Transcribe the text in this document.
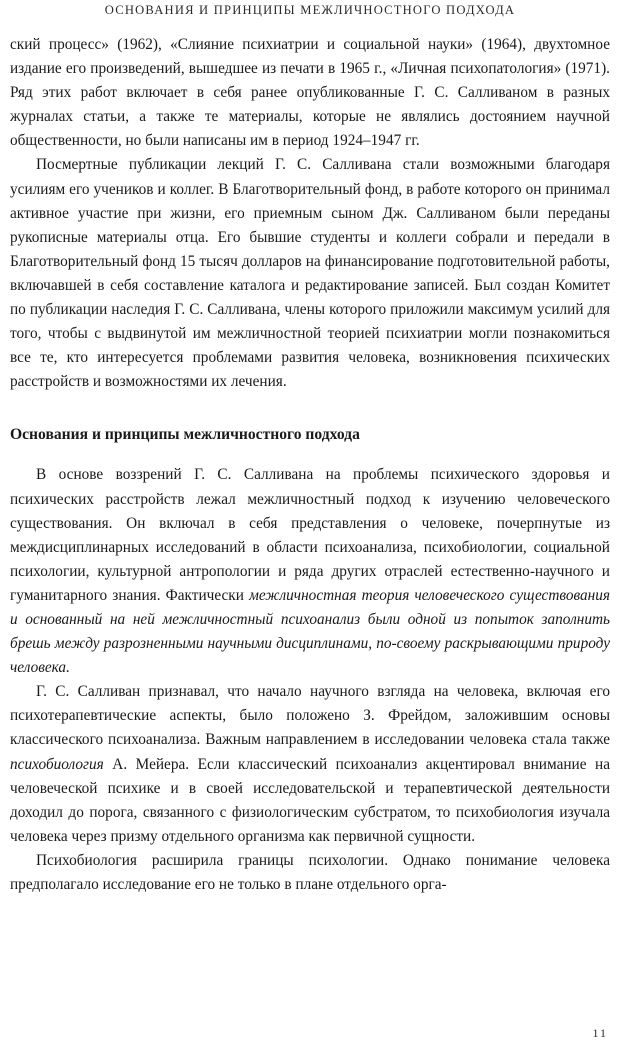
ОСНОВАНИЯ И ПРИНЦИПЫ МЕЖЛИЧНОСТНОГО ПОДХОДА

ский процесс» (1962), «Слияние психиатрии и социальной науки» (1964), двухтомное издание его произведений, вышедшее из печати в 1965 г., «Личная психопатология» (1971). Ряд этих работ включает в себя ранее опубликованные Г. С. Салливаном в разных журналах статьи, а также те материалы, которые не являлись достоянием научной общественности, но были написаны им в период 1924–1947 гг.

Посмертные публикации лекций Г. С. Салливана стали возможными благодаря усилиям его учеников и коллег. В Благотворительный фонд, в работе которого он принимал активное участие при жизни, его приемным сыном Дж. Салливаном были переданы рукописные материалы отца. Его бывшие студенты и коллеги собрали и передали в Благотворительный фонд 15 тысяч долларов на финансирование подготовительной работы, включавшей в себя составление каталога и редактирование записей. Был создан Комитет по публикации наследия Г. С. Салливана, члены которого приложили максимум усилий для того, чтобы с выдвинутой им межличностной теорией психиатрии могли познакомиться все те, кто интересуется проблемами развития человека, возникновения психических расстройств и возможностями их лечения.

Основания и принципы межличностного подхода

В основе воззрений Г. С. Салливана на проблемы психического здоровья и психических расстройств лежал межличностный подход к изучению человеческого существования. Он включал в себя представления о человеке, почерпнутые из междисциплинарных исследований в области психоанализа, психобиологии, социальной психологии, культурной антропологии и ряда других отраслей естественно-научного и гуманитарного знания. Фактически межличностная теория человеческого существования и основанный на ней межличностный психоанализ были одной из попыток заполнить брешь между разрозненными научными дисциплинами, по-своему раскрывающими природу человека.

Г. С. Салливан признавал, что начало научного взгляда на человека, включая его психотерапевтические аспекты, было положено З. Фрейдом, заложившим основы классического психоанализа. Важным направлением в исследовании человека стала также психобиология А. Мейера. Если классический психоанализ акцентировал внимание на человеческой психике и в своей исследовательской и терапевтической деятельности доходил до порога, связанного с физиологическим субстратом, то психобиология изучала человека через призму отдельного организма как первичной сущности.

Психобиология расширила границы психологии. Однако понимание человека предполагало исследование его не только в плане отдельного орга-

11
